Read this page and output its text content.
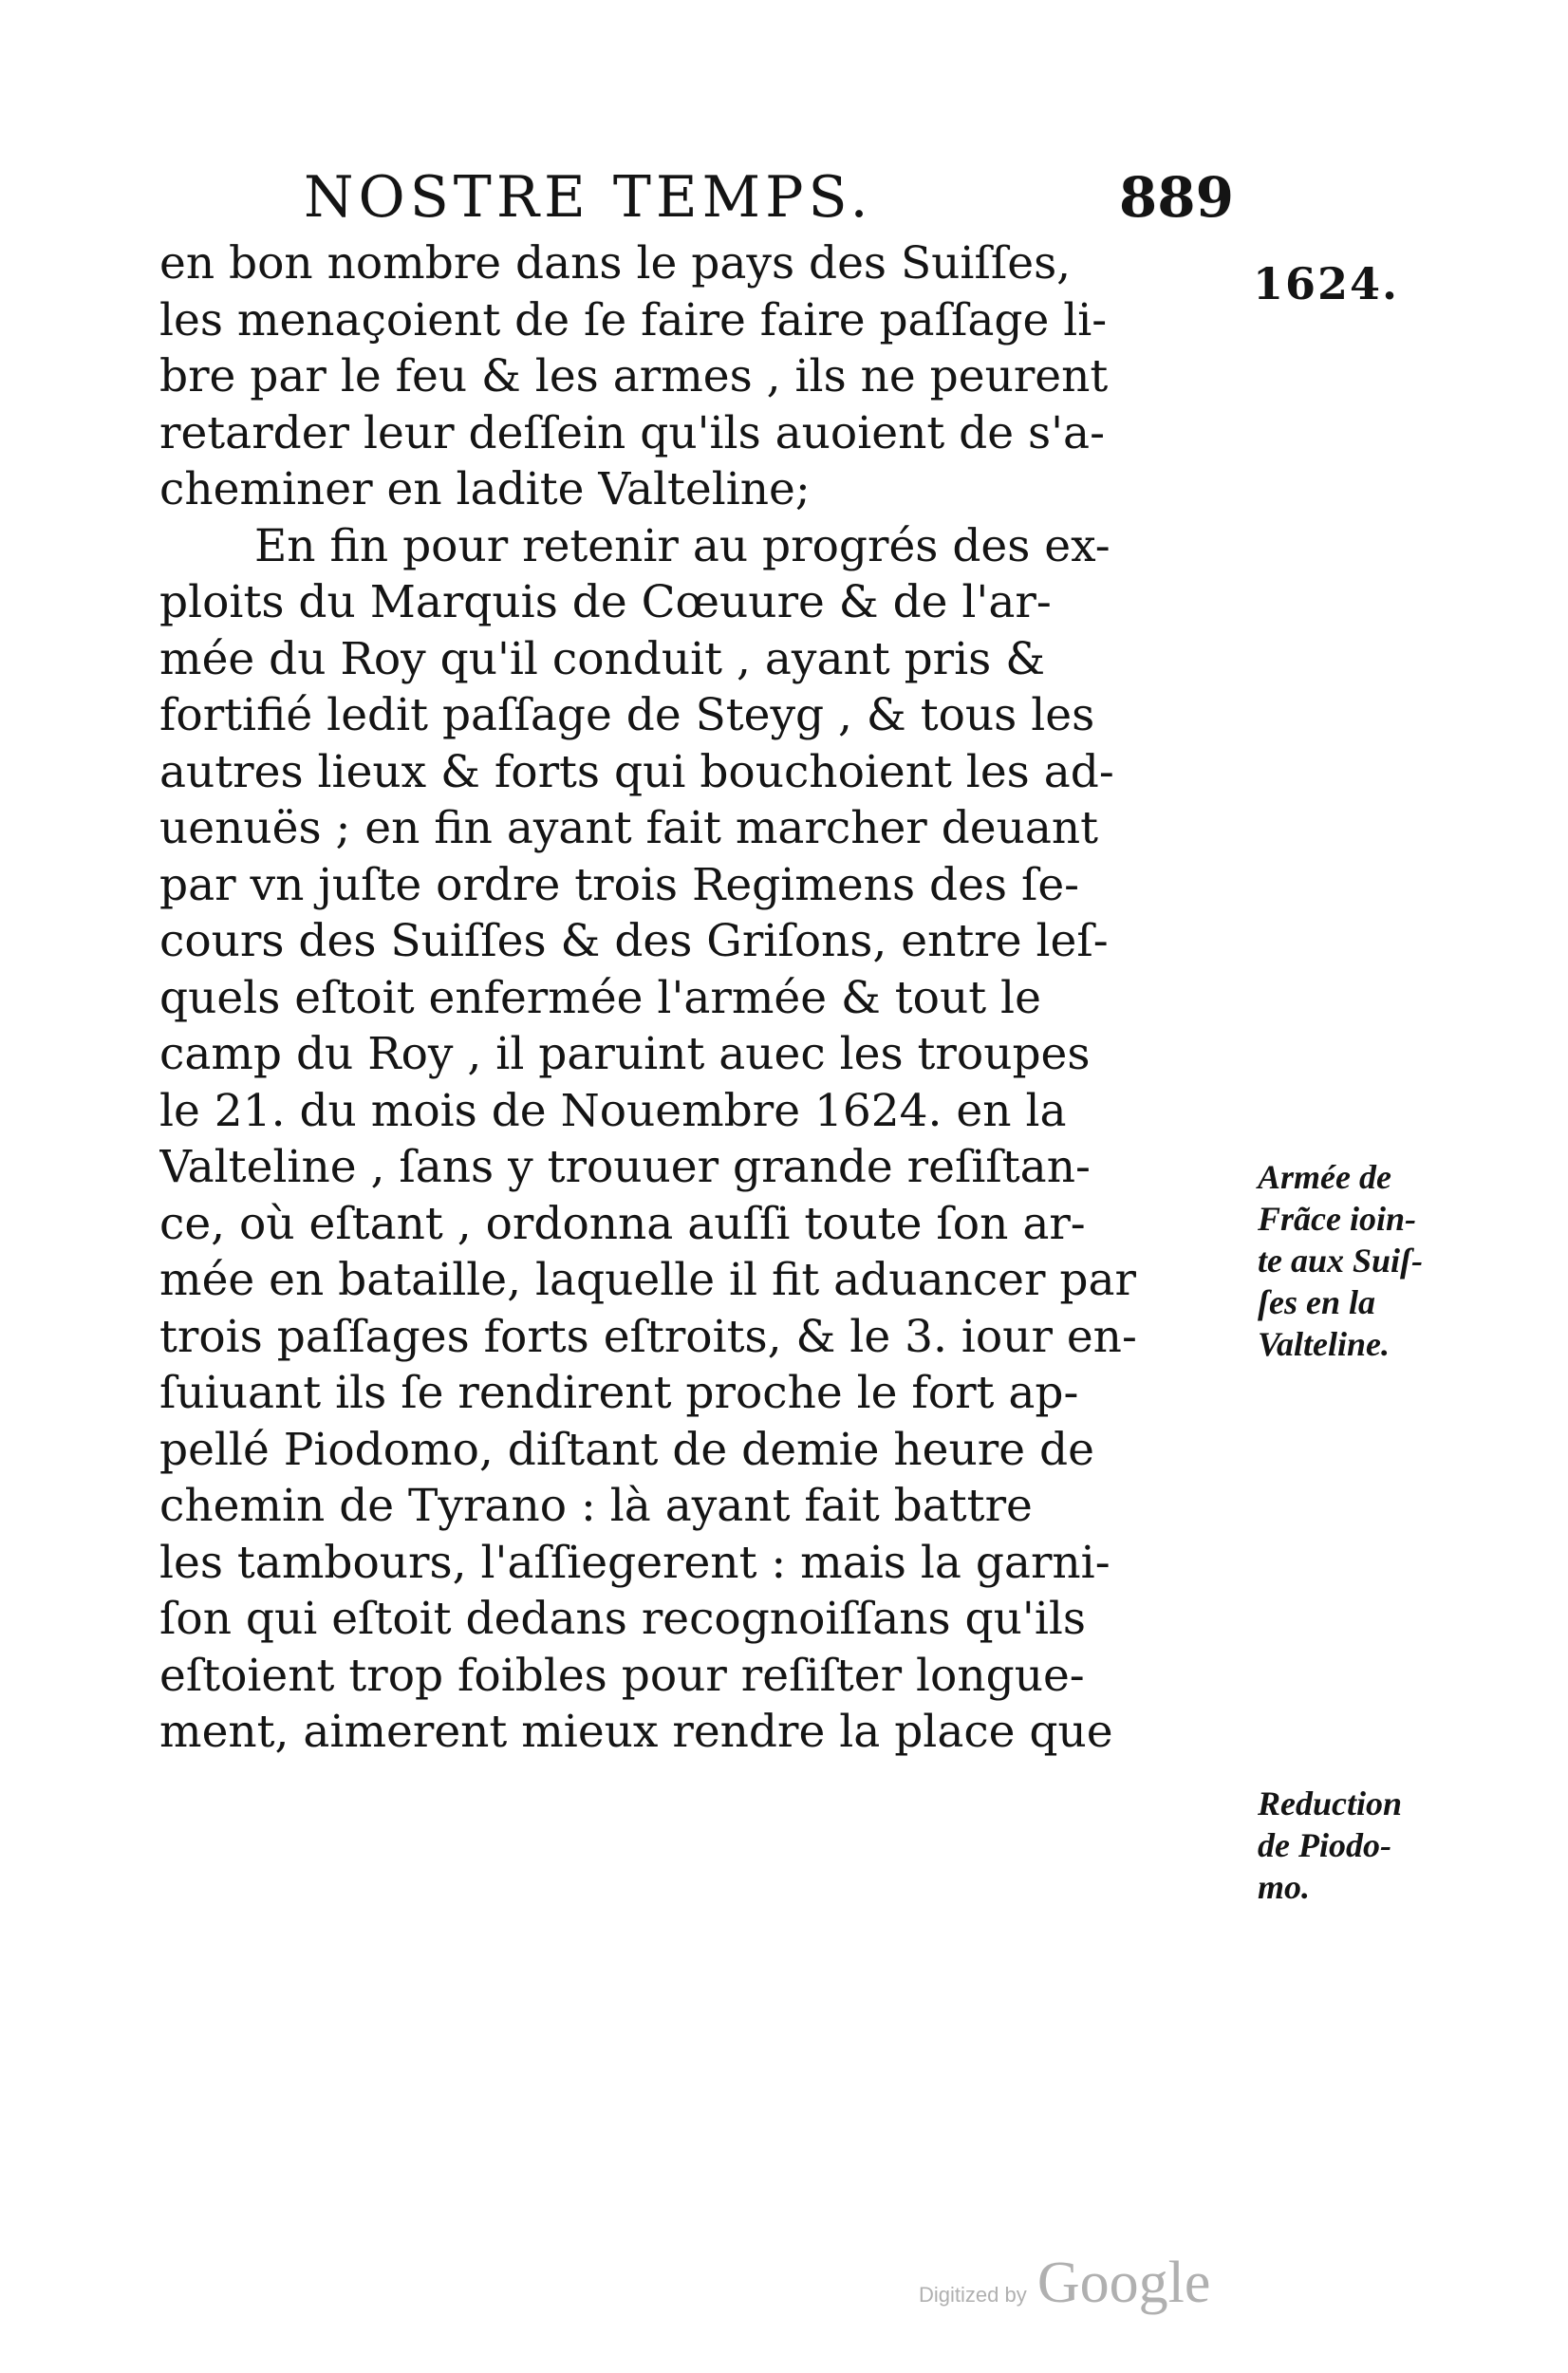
NOSTRE TEMPS.	889
1624.
en bon nombre dans le pays des Suiſſes,
les menaçoient de ſe faire faire paſſage li-
bre par le feu & les armes , ils ne peurent
retarder leur deſſein qu'ils auoient de s'a-
cheminer en ladite Valteline;
En fin pour retenir au progrés des ex-
ploits du Marquis de Cœuure & de l'ar-
mée du Roy qu'il conduit , ayant pris &
fortifié ledit paſſage de Steyg , & tous les
autres lieux & forts qui bouchoient les ad-
uenuës ; en fin ayant fait marcher deuant
par vn juſte ordre trois Regimens des ſe-
cours des Suiſſes & des Griſons, entre leſ-
quels eſtoit enfermée l'armée & tout le
camp du Roy , il paruint auec les troupes
le 21. du mois de Nouembre 1624. en la
Valteline , ſans y trouuer grande reſiſtan-
ce, où eſtant , ordonna auſſi toute ſon ar-
mée en bataille, laquelle il fit aduancer par
trois paſſages forts eſtroits, & le 3. iour en-
ſuiuant ils ſe rendirent proche le fort ap-
pellé Piodomo, diſtant de demie heure de
chemin de Tyrano : là ayant fait battre
les tambours, l'aſſiegerent : mais la garni-
ſon qui eſtoit dedans recognoiſſans qu'ils
eſtoient trop foibles pour reſiſter longue-
ment, aimerent mieux rendre la place que
Armée de
Frãce ioin-
te aux Suiſ-
ſes en la
Valteline.
Reduction
de Piodo-
mo.
Digitized by Google
